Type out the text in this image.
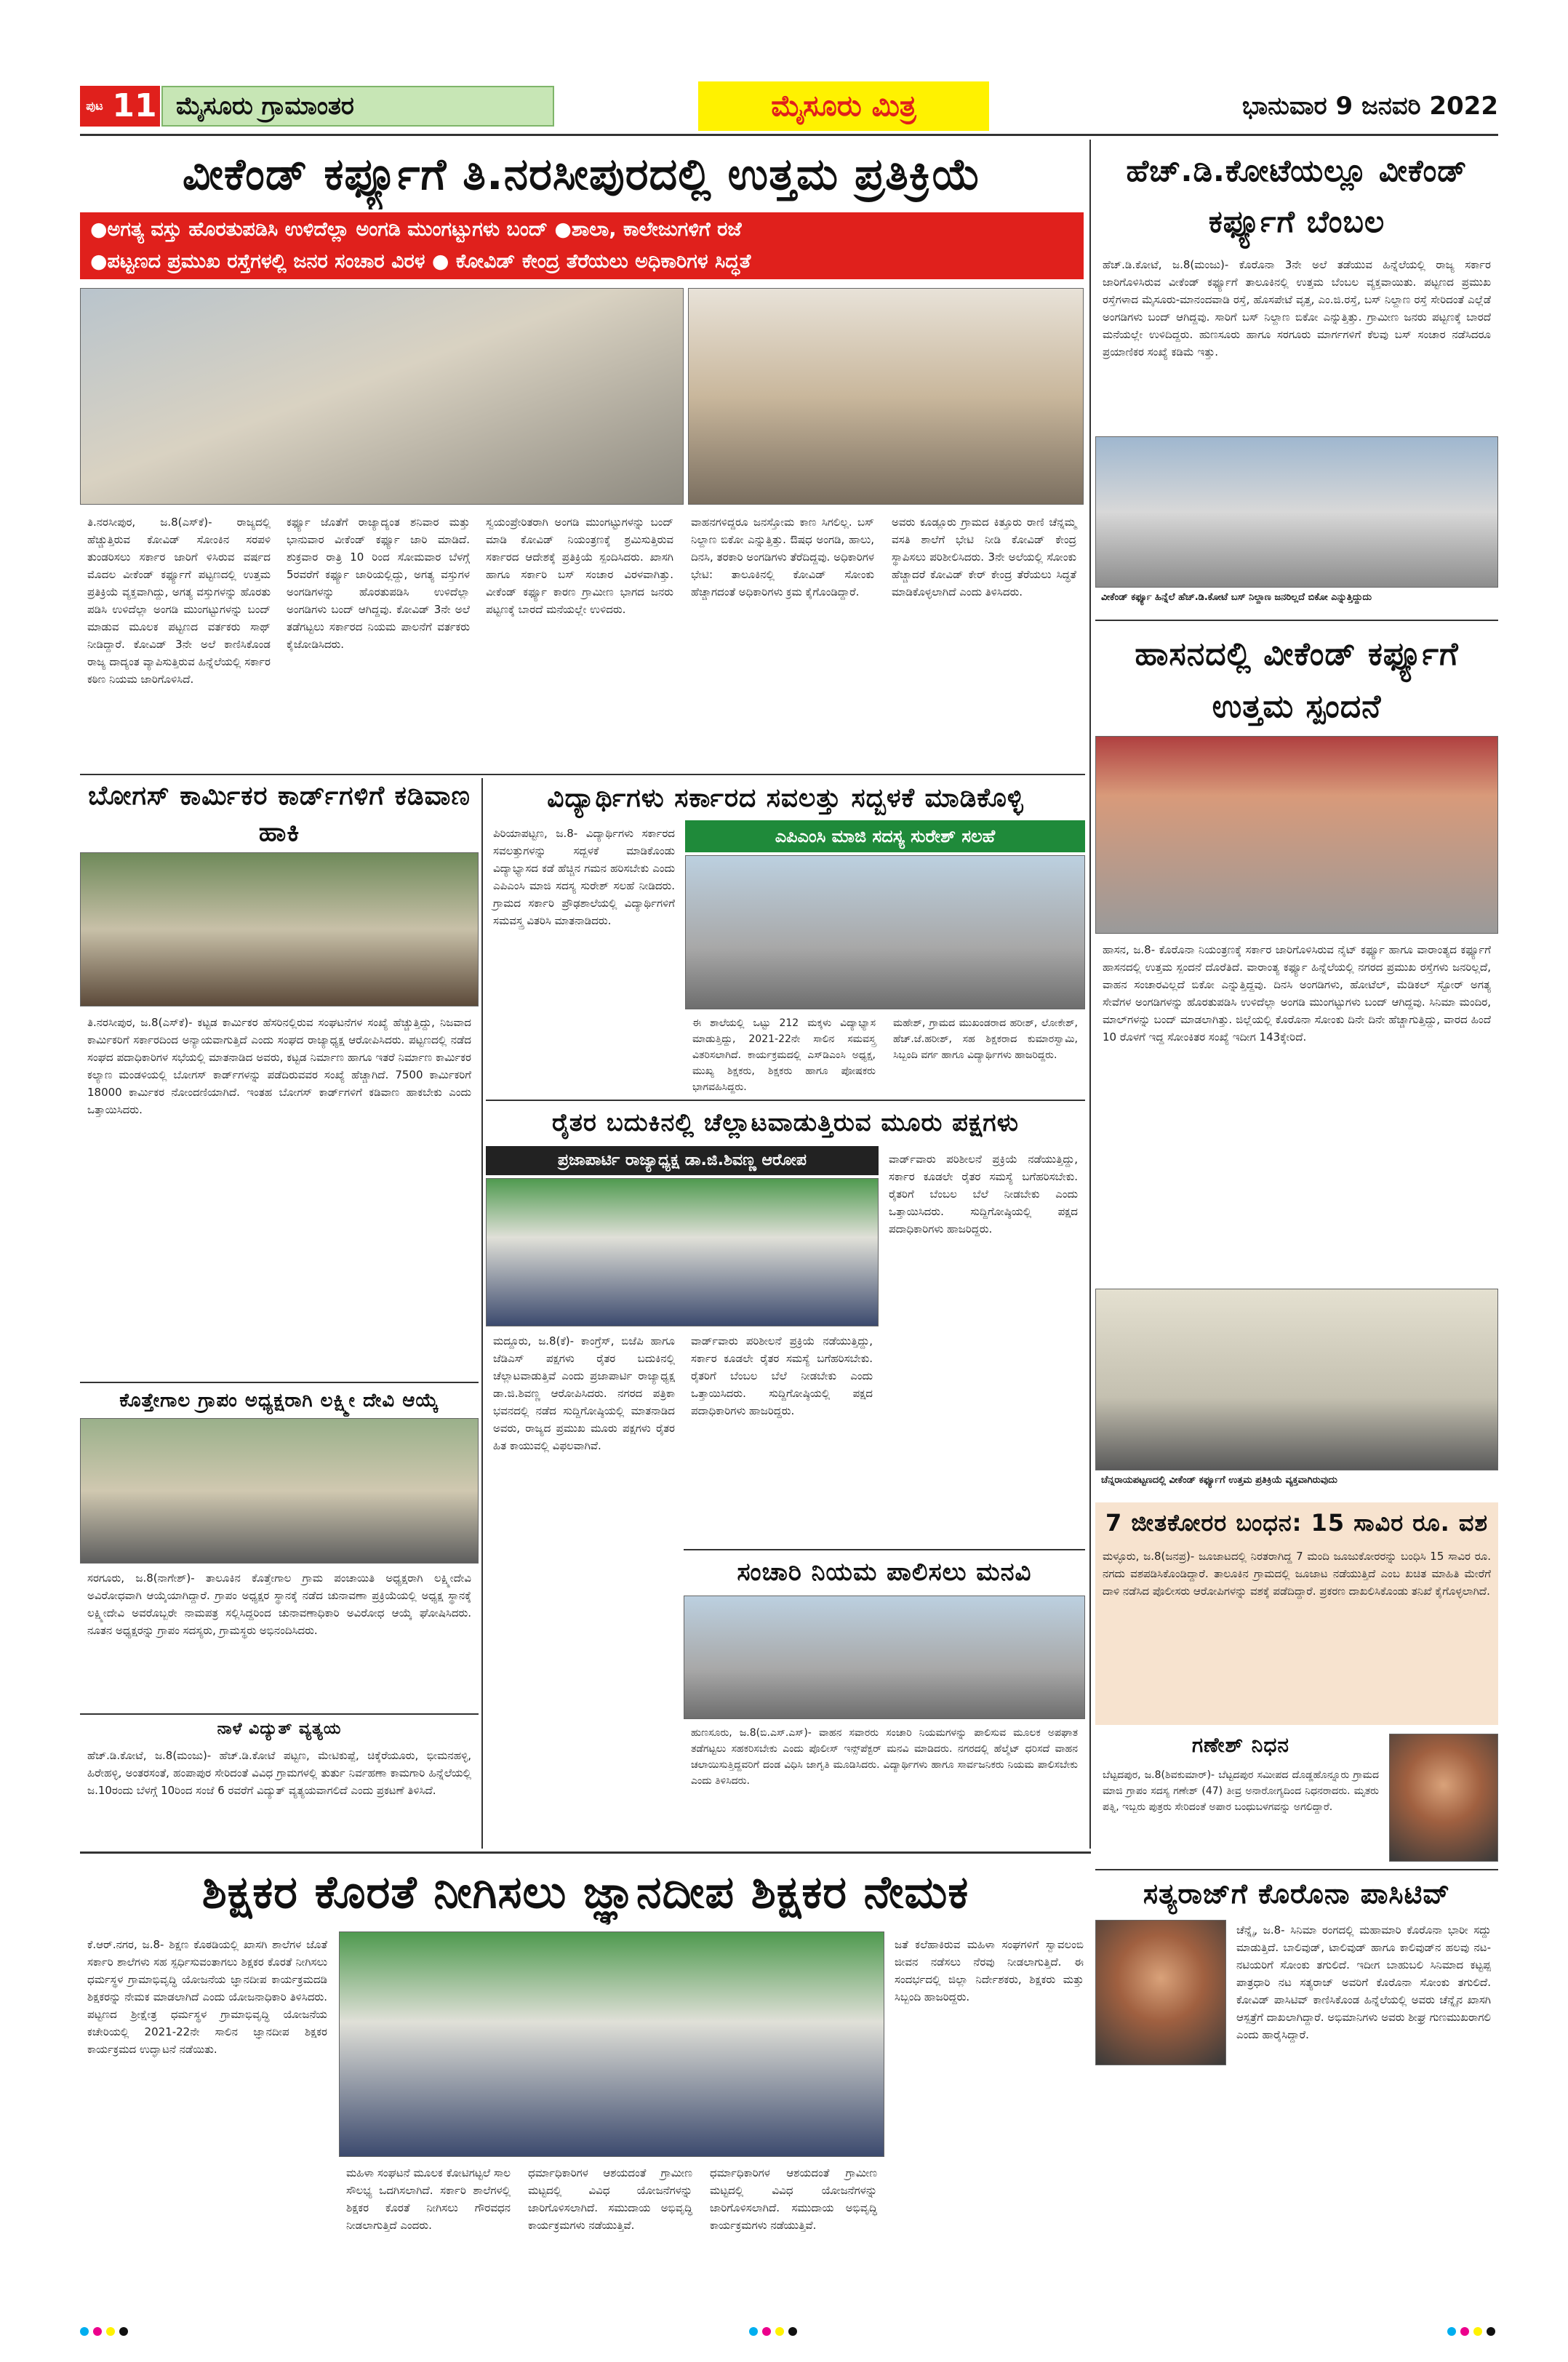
ಪುಟ 11 ಮೈಸೂರು ಗ್ರಾಮಾಂತರ	ಮೈಸೂರು ಮಿತ್ರ	ಭಾನುವಾರ 9 ಜನವರಿ 2022
ವೀಕೆಂಡ್ ಕರ್ಫ್ಯೂಗೆ ತಿ.ನರಸೀಪುರದಲ್ಲಿ ಉತ್ತಮ ಪ್ರತಿಕ್ರಿಯೆ
●ಅಗತ್ಯ ವಸ್ತು ಹೊರತುಪಡಿಸಿ ಉಳಿದೆಲ್ಲಾ ಅಂಗಡಿ ಮುಂಗಟ್ಟುಗಳು ಬಂದ್ ●ಶಾಲಾ, ಕಾಲೇಜುಗಳಿಗೆ ರಜೆ
●ಪಟ್ಟಣದ ಪ್ರಮುಖ ರಸ್ತೆಗಳಲ್ಲಿ ಜನರ ಸಂಚಾರ ವಿರಳ ● ಕೋವಿಡ್ ಕೇಂದ್ರ ತೆರೆಯಲು ಅಧಿಕಾರಿಗಳ ಸಿದ್ಧತೆ
ತಿ.ನರಸೀಪುರ, ಜ.8(ಎಸ್‌ಕೆ)- ರಾಜ್ಯದಲ್ಲಿ ಹೆಚ್ಚುತ್ತಿರುವ ಕೋವಿಡ್ ಸೋಂಕಿನ ಸರಪಳಿ ತುಂಡರಿಸಲು ಸರ್ಕಾರ ಜಾರಿಗೆ ಳಿಸಿರುವ ವರ್ಷದ ಮೊದಲ ವೀಕೆಂಡ್ ಕರ್ಫ್ಯೂಗೆ ಪಟ್ಟಣದಲ್ಲಿ ಉತ್ತಮ ಪ್ರತಿಕ್ರಿಯೆ ವ್ಯಕ್ತವಾಗಿದ್ದು, ಅಗತ್ಯ ವಸ್ತುಗಳನ್ನು ಹೊರತು ಪಡಿಸಿ ಉಳಿದೆಲ್ಲಾ ಅಂಗಡಿ ಮುಂಗಟ್ಟುಗಳನ್ನು ಬಂದ್ ಮಾಡುವ ಮೂಲಕ ಪಟ್ಟಣದ ವರ್ತಕರು ಸಾಥ್ ನೀಡಿದ್ದಾರೆ. ಕೋವಿಡ್ 3ನೇ ಅಲೆ ಕಾಣಿಸಿಕೊಂಡ ರಾಜ್ಯ ದಾದ್ಯಂತ ವ್ಯಾಪಿಸುತ್ತಿರುವ ಹಿನ್ನೆಲೆಯಲ್ಲಿ ಸರ್ಕಾರ ಕಠಿಣ ನಿಯಮ ಜಾರಿಗೊಳಿಸಿದೆ.
ಕರ್ಫ್ಯೂ ಜೊತೆಗೆ ರಾಜ್ಯಾದ್ಯಂತ ಶನಿವಾರ ಮತ್ತು ಭಾನುವಾರ ವೀಕೆಂಡ್ ಕರ್ಫ್ಯೂ ಜಾರಿ ಮಾಡಿದೆ. ಶುಕ್ರವಾರ ರಾತ್ರಿ 10 ರಿಂದ ಸೋಮವಾರ ಬೆಳಗ್ಗೆ 5ರವರೆಗೆ ಕರ್ಫ್ಯೂ ಜಾರಿಯಲ್ಲಿದ್ದು, ಅಗತ್ಯ ವಸ್ತುಗಳ ಅಂಗಡಿಗಳನ್ನು ಹೊರತುಪಡಿಸಿ ಉಳಿದೆಲ್ಲಾ ಅಂಗಡಿಗಳು ಬಂದ್ ಆಗಿದ್ದವು. ಕೋವಿಡ್ 3ನೇ ಅಲೆ ತಡೆಗಟ್ಟಲು ಸರ್ಕಾರದ ನಿಯಮ ಪಾಲನೆಗೆ ವರ್ತಕರು ಕೈಜೋಡಿಸಿದರು.
ಸ್ವಯಂಪ್ರೇರಿತರಾಗಿ ಅಂಗಡಿ ಮುಂಗಟ್ಟುಗಳನ್ನು ಬಂದ್ ಮಾಡಿ ಕೋವಿಡ್ ನಿಯಂತ್ರಣಕ್ಕೆ ಶ್ರಮಿಸುತ್ತಿರುವ ಸರ್ಕಾರದ ಆದೇಶಕ್ಕೆ ಪ್ರತಿಕ್ರಿಯೆ ಸ್ಪಂದಿಸಿದರು. ಖಾಸಗಿ ಹಾಗೂ ಸರ್ಕಾರಿ ಬಸ್ ಸಂಚಾರ ವಿರಳವಾಗಿತ್ತು. ವೀಕೆಂಡ್ ಕರ್ಫ್ಯೂ ಕಾರಣ ಗ್ರಾಮೀಣ ಭಾಗದ ಜನರು ಪಟ್ಟಣಕ್ಕೆ ಬಾರದೆ ಮನೆಯಲ್ಲೇ ಉಳಿದರು.
ವಾಹನಗಳಿದ್ದರೂ ಜನಸ್ತೋಮ ಕಾಣ ಸಿಗಲಿಲ್ಲ. ಬಸ್ ನಿಲ್ದಾಣ ಬಿಕೋ ಎನ್ನುತ್ತಿತ್ತು. ಔಷಧ ಅಂಗಡಿ, ಹಾಲು, ದಿನಸಿ, ತರಕಾರಿ ಅಂಗಡಿಗಳು ತೆರೆದಿದ್ದವು. ಅಧಿಕಾರಿಗಳ ಭೇಟಿ: ತಾಲೂಕಿನಲ್ಲಿ ಕೋವಿಡ್ ಸೋಂಕು ಹೆಚ್ಚಾಗದಂತೆ ಅಧಿಕಾರಿಗಳು ಕ್ರಮ ಕೈಗೊಂಡಿದ್ದಾರೆ.
ಅವರು ಕೂಡ್ಲೂರು ಗ್ರಾಮದ ಕಿತ್ತೂರು ರಾಣಿ ಚೆನ್ನಮ್ಮ ವಸತಿ ಶಾಲೆಗೆ ಭೇಟಿ ನೀಡಿ ಕೋವಿಡ್ ಕೇಂದ್ರ ಸ್ಥಾಪಿಸಲು ಪರಿಶೀಲಿಸಿದರು. 3ನೇ ಅಲೆಯಲ್ಲಿ ಸೋಂಕು ಹೆಚ್ಚಾದರೆ ಕೋವಿಡ್ ಕೇರ್ ಕೇಂದ್ರ ತೆರೆಯಲು ಸಿದ್ಧತೆ ಮಾಡಿಕೊಳ್ಳಲಾಗಿದೆ ಎಂದು ತಿಳಿಸಿದರು.
ಹೆಚ್.ಡಿ.ಕೋಟೆಯಲ್ಲೂ ವೀಕೆಂಡ್ ಕರ್ಫ್ಯೂಗೆ ಬೆಂಬಲ
ಹೆಚ್.ಡಿ.ಕೋಟೆ, ಜ.8(ಮಂಜು)- ಕೊರೊನಾ 3ನೇ ಅಲೆ ತಡೆಯುವ ಹಿನ್ನೆಲೆಯಲ್ಲಿ ರಾಜ್ಯ ಸರ್ಕಾರ ಜಾರಿಗೊಳಿಸಿರುವ ವೀಕೆಂಡ್ ಕರ್ಫ್ಯೂಗೆ ತಾಲೂಕಿನಲ್ಲಿ ಉತ್ತಮ ಬೆಂಬಲ ವ್ಯಕ್ತವಾಯಿತು. ಪಟ್ಟಣದ ಪ್ರಮುಖ ರಸ್ತೆಗಳಾದ ಮೈಸೂರು-ಮಾನಂದವಾಡಿ ರಸ್ತೆ, ಹೊಸಪೇಟೆ ವೃತ್ತ, ಎಂ.ಜಿ.ರಸ್ತೆ, ಬಸ್ ನಿಲ್ದಾಣ ರಸ್ತೆ ಸೇರಿದಂತೆ ಎಲ್ಲೆಡೆ ಅಂಗಡಿಗಳು ಬಂದ್ ಆಗಿದ್ದವು. ಸಾರಿಗೆ ಬಸ್ ನಿಲ್ದಾಣ ಬಿಕೋ ಎನ್ನುತ್ತಿತ್ತು. ಗ್ರಾಮೀಣ ಜನರು ಪಟ್ಟಣಕ್ಕೆ ಬಾರದೆ ಮನೆಯಲ್ಲೇ ಉಳಿದಿದ್ದರು. ಹುಣಸೂರು ಹಾಗೂ ಸರಗೂರು ಮಾರ್ಗಗಳಿಗೆ ಕೆಲವು ಬಸ್ ಸಂಚಾರ ನಡೆಸಿದರೂ ಪ್ರಯಾಣಿಕರ ಸಂಖ್ಯೆ ಕಡಿಮೆ ಇತ್ತು.
ವೀಕೆಂಡ್ ಕರ್ಫ್ಯೂ ಹಿನ್ನೆಲೆ ಹೆಚ್.ಡಿ.ಕೋಟೆ ಬಸ್ ನಿಲ್ದಾಣ ಜನರಿಲ್ಲದೆ ಬಿಕೋ ಎನ್ನುತ್ತಿದ್ದುದು
ಹಾಸನದಲ್ಲಿ ವೀಕೆಂಡ್ ಕರ್ಫ್ಯೂಗೆ ಉತ್ತಮ ಸ್ಪಂದನೆ
ಹಾಸನ, ಜ.8- ಕೊರೊನಾ ನಿಯಂತ್ರಣಕ್ಕೆ ಸರ್ಕಾರ ಜಾರಿಗೊಳಿಸಿರುವ ನೈಟ್ ಕರ್ಫ್ಯೂ ಹಾಗೂ ವಾರಾಂತ್ಯದ ಕರ್ಫ್ಯೂಗೆ ಹಾಸನದಲ್ಲಿ ಉತ್ತಮ ಸ್ಪಂದನೆ ದೊರೆತಿದೆ. ವಾರಾಂತ್ಯ ಕರ್ಫ್ಯೂ ಹಿನ್ನೆಲೆಯಲ್ಲಿ ನಗರದ ಪ್ರಮುಖ ರಸ್ತೆಗಳು ಜನರಿಲ್ಲದೆ, ವಾಹನ ಸಂಚಾರವಿಲ್ಲದೆ ಬಿಕೋ ಎನ್ನುತ್ತಿದ್ದವು. ದಿನಸಿ ಅಂಗಡಿಗಳು, ಹೋಟೆಲ್, ಮೆಡಿಕಲ್ ಸ್ಟೋರ್ ಅಗತ್ಯ ಸೇವೆಗಳ ಅಂಗಡಿಗಳನ್ನು ಹೊರತುಪಡಿಸಿ ಉಳಿದೆಲ್ಲಾ ಅಂಗಡಿ ಮುಂಗಟ್ಟುಗಳು ಬಂದ್ ಆಗಿದ್ದವು. ಸಿನಿಮಾ ಮಂದಿರ, ಮಾಲ್‌ಗಳನ್ನು ಬಂದ್ ಮಾಡಲಾಗಿತ್ತು. ಜಿಲ್ಲೆಯಲ್ಲಿ ಕೊರೊನಾ ಸೋಂಕು ದಿನೇ ದಿನೇ ಹೆಚ್ಚಾಗುತ್ತಿದ್ದು, ವಾರದ ಹಿಂದೆ 10 ರೊಳಗೆ ಇದ್ದ ಸೋಂಕಿತರ ಸಂಖ್ಯೆ ಇದೀಗ 143ಕ್ಕೇರಿದೆ.
ಚೆನ್ನರಾಯಪಟ್ಟಣದಲ್ಲಿ ವೀಕೆಂಡ್ ಕರ್ಫ್ಯೂಗೆ ಉತ್ತಮ ಪ್ರತಿಕ್ರಿಯೆ ವ್ಯಕ್ತವಾಗಿರುವುದು
7 ಜೀತಕೋರರ ಬಂಧನ: 15 ಸಾವಿರ ರೂ. ವಶ
ಮಳ್ಳೂರು, ಜ.8(ಜನಪ್ರ)- ಜೂಜಾಟದಲ್ಲಿ ನಿರತರಾಗಿದ್ದ 7 ಮಂದಿ ಜೂಜುಕೋರರನ್ನು ಬಂಧಿಸಿ 15 ಸಾವಿರ ರೂ. ನಗದು ವಶಪಡಿಸಿಕೊಂಡಿದ್ದಾರೆ. ತಾಲೂಕಿನ ಗ್ರಾಮದಲ್ಲಿ ಜೂಜಾಟ ನಡೆಯುತ್ತಿದೆ ಎಂಬ ಖಚಿತ ಮಾಹಿತಿ ಮೇರೆಗೆ ದಾಳಿ ನಡೆಸಿದ ಪೊಲೀಸರು ಆರೋಪಿಗಳನ್ನು ವಶಕ್ಕೆ ಪಡೆದಿದ್ದಾರೆ. ಪ್ರಕರಣ ದಾಖಲಿಸಿಕೊಂಡು ತನಿಖೆ ಕೈಗೊಳ್ಳಲಾಗಿದೆ.
ಗಣೇಶ್ ನಿಧನ
ಬೆಟ್ಟದಪುರ, ಜ.8(ಶಿವಕುಮಾರ್)- ಬೆಟ್ಟದಪುರ ಸಮೀಪದ ದೊಡ್ಡಹೊನ್ನೂರು ಗ್ರಾಮದ ಮಾಜಿ ಗ್ರಾಪಂ ಸದಸ್ಯ ಗಣೇಶ್ (47) ತೀವ್ರ ಅನಾರೋಗ್ಯದಿಂದ ನಿಧನರಾದರು. ಮೃತರು ಪತ್ನಿ, ಇಬ್ಬರು ಪುತ್ರರು ಸೇರಿದಂತೆ ಅಪಾರ ಬಂಧುಬಳಗವನ್ನು ಅಗಲಿದ್ದಾರೆ.
ಸತ್ಯರಾಜ್‌ಗೆ ಕೊರೊನಾ ಪಾಸಿಟಿವ್
ಚೆನ್ನೈ, ಜ.8- ಸಿನಿಮಾ ರಂಗದಲ್ಲಿ ಮಹಾಮಾರಿ ಕೊರೊನಾ ಭಾರೀ ಸದ್ದು ಮಾಡುತ್ತಿದೆ. ಬಾಲಿವುಡ್, ಟಾಲಿವುಡ್ ಹಾಗೂ ಕಾಲಿವುಡ್‌ನ ಹಲವು ನಟ-ನಟಿಯರಿಗೆ ಸೋಂಕು ತಗುಲಿದೆ. ಇದೀಗ ಬಾಹುಬಲಿ ಸಿನಿಮಾದ ಕಟ್ಟಪ್ಪ ಪಾತ್ರಧಾರಿ ನಟ ಸತ್ಯರಾಜ್ ಅವರಿಗೆ ಕೊರೊನಾ ಸೋಂಕು ತಗುಲಿದೆ. ಕೋವಿಡ್ ಪಾಸಿಟಿವ್ ಕಾಣಿಸಿಕೊಂಡ ಹಿನ್ನೆಲೆಯಲ್ಲಿ ಅವರು ಚೆನ್ನೈನ ಖಾಸಗಿ ಆಸ್ಪತ್ರೆಗೆ ದಾಖಲಾಗಿದ್ದಾರೆ. ಅಭಿಮಾನಿಗಳು ಅವರು ಶೀಘ್ರ ಗುಣಮುಖರಾಗಲಿ ಎಂದು ಹಾರೈಸಿದ್ದಾರೆ.
ಬೋಗಸ್ ಕಾರ್ಮಿಕರ ಕಾರ್ಡ್‌ಗಳಿಗೆ ಕಡಿವಾಣ ಹಾಕಿ
ತಿ.ನರಸೀಪುರ, ಜ.8(ಎಸ್‌ಕೆ)- ಕಟ್ಟಡ ಕಾರ್ಮಿಕರ ಹೆಸರಿನಲ್ಲಿರುವ ಸಂಘಟನೆಗಳ ಸಂಖ್ಯೆ ಹೆಚ್ಚುತ್ತಿದ್ದು, ನಿಜವಾದ ಕಾರ್ಮಿಕರಿಗೆ ಸರ್ಕಾರದಿಂದ ಅನ್ಯಾಯವಾಗುತ್ತಿದೆ ಎಂದು ಸಂಘದ ರಾಜ್ಯಾಧ್ಯಕ್ಷ ಆರೋಪಿಸಿದರು. ಪಟ್ಟಣದಲ್ಲಿ ನಡೆದ ಸಂಘದ ಪದಾಧಿಕಾರಿಗಳ ಸಭೆಯಲ್ಲಿ ಮಾತನಾಡಿದ ಅವರು, ಕಟ್ಟಡ ನಿರ್ಮಾಣ ಹಾಗೂ ಇತರೆ ನಿರ್ಮಾಣ ಕಾರ್ಮಿಕರ ಕಲ್ಯಾಣ ಮಂಡಳಿಯಲ್ಲಿ ಬೋಗಸ್ ಕಾರ್ಡ್‌ಗಳನ್ನು ಪಡೆದಿರುವವರ ಸಂಖ್ಯೆ ಹೆಚ್ಚಾಗಿದೆ. 7500 ಕಾರ್ಮಿಕರಿಗೆ 18000 ಕಾರ್ಮಿಕರ ನೋಂದಣಿಯಾಗಿದೆ. ಇಂತಹ ಬೋಗಸ್ ಕಾರ್ಡ್‌ಗಳಿಗೆ ಕಡಿವಾಣ ಹಾಕಬೇಕು ಎಂದು ಒತ್ತಾಯಿಸಿದರು.
ಕೊತ್ತೇಗಾಲ ಗ್ರಾಪಂ ಅಧ್ಯಕ್ಷರಾಗಿ ಲಕ್ಷ್ಮೀ ದೇವಿ ಆಯ್ಕೆ
ಸರಗೂರು, ಜ.8(ನಾಗೇಶ್)- ತಾಲೂಕಿನ ಕೊತ್ತೇಗಾಲ ಗ್ರಾಮ ಪಂಚಾಯಿತಿ ಅಧ್ಯಕ್ಷರಾಗಿ ಲಕ್ಷ್ಮೀದೇವಿ ಅವಿರೋಧವಾಗಿ ಆಯ್ಕೆಯಾಗಿದ್ದಾರೆ. ಗ್ರಾಪಂ ಅಧ್ಯಕ್ಷರ ಸ್ಥಾನಕ್ಕೆ ನಡೆದ ಚುನಾವಣಾ ಪ್ರಕ್ರಿಯೆಯಲ್ಲಿ ಅಧ್ಯಕ್ಷ ಸ್ಥಾನಕ್ಕೆ ಲಕ್ಷ್ಮೀದೇವಿ ಅವರೊಬ್ಬರೇ ನಾಮಪತ್ರ ಸಲ್ಲಿಸಿದ್ದರಿಂದ ಚುನಾವಣಾಧಿಕಾರಿ ಅವಿರೋಧ ಆಯ್ಕೆ ಘೋಷಿಸಿದರು. ನೂತನ ಅಧ್ಯಕ್ಷರನ್ನು ಗ್ರಾಪಂ ಸದಸ್ಯರು, ಗ್ರಾಮಸ್ಥರು ಅಭಿನಂದಿಸಿದರು.
ನಾಳೆ ವಿದ್ಯುತ್ ವ್ಯತ್ಯಯ
ಹೆಚ್.ಡಿ.ಕೋಟೆ, ಜ.8(ಮಂಜು)- ಹೆಚ್.ಡಿ.ಕೋಟೆ ಪಟ್ಟಣ, ಮೇಟಿಕುಪ್ಪೆ, ಚಿಕ್ಕೆರೆಯೂರು, ಭೀಮನಹಳ್ಳಿ, ಹಿರೇಹಳ್ಳಿ, ಅಂತರಸಂತೆ, ಹಂಪಾಪುರ ಸೇರಿದಂತೆ ವಿವಿಧ ಗ್ರಾಮಗಳಲ್ಲಿ ತುರ್ತು ನಿರ್ವಹಣಾ ಕಾಮಗಾರಿ ಹಿನ್ನೆಲೆಯಲ್ಲಿ ಜ.10ರಂದು ಬೆಳಗ್ಗೆ 10ರಿಂದ ಸಂಜೆ 6 ರವರೆಗೆ ವಿದ್ಯುತ್ ವ್ಯತ್ಯಯವಾಗಲಿದೆ ಎಂದು ಪ್ರಕಟಣೆ ತಿಳಿಸಿದೆ.
ವಿದ್ಯಾರ್ಥಿಗಳು ಸರ್ಕಾರದ ಸವಲತ್ತು ಸದ್ಬಳಕೆ ಮಾಡಿಕೊಳ್ಳಿ
ಪಿರಿಯಾಪಟ್ಟಣ, ಜ.8- ವಿದ್ಯಾರ್ಥಿಗಳು ಸರ್ಕಾರದ ಸವಲತ್ತುಗಳನ್ನು ಸದ್ಬಳಕೆ ಮಾಡಿಕೊಂಡು ವಿದ್ಯಾಭ್ಯಾಸದ ಕಡೆ ಹೆಚ್ಚಿನ ಗಮನ ಹರಿಸಬೇಕು ಎಂದು ಎಪಿಎಂಸಿ ಮಾಜಿ ಸದಸ್ಯ ಸುರೇಶ್ ಸಲಹೆ ನೀಡಿದರು. ಗ್ರಾಮದ ಸರ್ಕಾರಿ ಪ್ರೌಢಶಾಲೆಯಲ್ಲಿ ವಿದ್ಯಾರ್ಥಿಗಳಿಗೆ ಸಮವಸ್ತ್ರ ವಿತರಿಸಿ ಮಾತನಾಡಿದರು.
ಎಪಿಎಂಸಿ ಮಾಜಿ ಸದಸ್ಯ ಸುರೇಶ್ ಸಲಹೆ
ಈ ಶಾಲೆಯಲ್ಲಿ ಒಟ್ಟು 212 ಮಕ್ಕಳು ವಿದ್ಯಾಭ್ಯಾಸ ಮಾಡುತ್ತಿದ್ದು, 2021-22ನೇ ಸಾಲಿನ ಸಮವಸ್ತ್ರ ವಿತರಿಸಲಾಗಿದೆ. ಕಾರ್ಯಕ್ರಮದಲ್ಲಿ ಎಸ್‌ಡಿಎಂಸಿ ಅಧ್ಯಕ್ಷ, ಮುಖ್ಯ ಶಿಕ್ಷಕರು, ಶಿಕ್ಷಕರು ಹಾಗೂ ಪೋಷಕರು ಭಾಗವಹಿಸಿದ್ದರು.
ಮಹೇಶ್, ಗ್ರಾಮದ ಮುಖಂಡರಾದ ಹರೀಶ್, ಲೋಕೇಶ್, ಹೆಚ್.ಜೆ.ಹರೀಶ್, ಸಹ ಶಿಕ್ಷಕರಾದ ಕುಮಾರಸ್ವಾಮಿ, ಸಿಬ್ಬಂದಿ ವರ್ಗ ಹಾಗೂ ವಿದ್ಯಾರ್ಥಿಗಳು ಹಾಜರಿದ್ದರು.
ರೈತರ ಬದುಕಿನಲ್ಲಿ ಚೆಲ್ಲಾಟವಾಡುತ್ತಿರುವ ಮೂರು ಪಕ್ಷಗಳು
ಪ್ರಜಾಪಾರ್ಟಿ ರಾಜ್ಯಾಧ್ಯಕ್ಷ ಡಾ.ಜಿ.ಶಿವಣ್ಣ ಆರೋಪ
ಮದ್ದೂರು, ಜ.8(ಕೆ)- ಕಾಂಗ್ರೆಸ್, ಬಿಜೆಪಿ ಹಾಗೂ ಜೆಡಿಎಸ್ ಪಕ್ಷಗಳು ರೈತರ ಬದುಕಿನಲ್ಲಿ ಚೆಲ್ಲಾಟವಾಡುತ್ತಿವೆ ಎಂದು ಪ್ರಜಾಪಾರ್ಟಿ ರಾಜ್ಯಾಧ್ಯಕ್ಷ ಡಾ.ಜಿ.ಶಿವಣ್ಣ ಆರೋಪಿಸಿದರು. ನಗರದ ಪತ್ರಿಕಾ ಭವನದಲ್ಲಿ ನಡೆದ ಸುದ್ದಿಗೋಷ್ಠಿಯಲ್ಲಿ ಮಾತನಾಡಿದ ಅವರು, ರಾಜ್ಯದ ಪ್ರಮುಖ ಮೂರು ಪಕ್ಷಗಳು ರೈತರ ಹಿತ ಕಾಯುವಲ್ಲಿ ವಿಫಲವಾಗಿವೆ.
ವಾರ್ಡ್‌ವಾರು ಪರಿಶೀಲನೆ ಪ್ರಕ್ರಿಯೆ ನಡೆಯುತ್ತಿದ್ದು, ಸರ್ಕಾರ ಕೂಡಲೇ ರೈತರ ಸಮಸ್ಯೆ ಬಗೆಹರಿಸಬೇಕು. ರೈತರಿಗೆ ಬೆಂಬಲ ಬೆಲೆ ನೀಡಬೇಕು ಎಂದು ಒತ್ತಾಯಿಸಿದರು. ಸುದ್ದಿಗೋಷ್ಠಿಯಲ್ಲಿ ಪಕ್ಷದ ಪದಾಧಿಕಾರಿಗಳು ಹಾಜರಿದ್ದರು.
ವಾರ್ಡ್‌ವಾರು ಪರಿಶೀಲನೆ ಪ್ರಕ್ರಿಯೆ ನಡೆಯುತ್ತಿದ್ದು, ಸರ್ಕಾರ ಕೂಡಲೇ ರೈತರ ಸಮಸ್ಯೆ ಬಗೆಹರಿಸಬೇಕು. ರೈತರಿಗೆ ಬೆಂಬಲ ಬೆಲೆ ನೀಡಬೇಕು ಎಂದು ಒತ್ತಾಯಿಸಿದರು. ಸುದ್ದಿಗೋಷ್ಠಿಯಲ್ಲಿ ಪಕ್ಷದ ಪದಾಧಿಕಾರಿಗಳು ಹಾಜರಿದ್ದರು.
ಸಂಚಾರಿ ನಿಯಮ ಪಾಲಿಸಲು ಮನವಿ
ಹುಣಸೂರು, ಜ.8(ಬಿ.ಎಸ್.ಎಸ್)- ವಾಹನ ಸವಾರರು ಸಂಚಾರಿ ನಿಯಮಗಳನ್ನು ಪಾಲಿಸುವ ಮೂಲಕ ಅಪಘಾತ ತಡೆಗಟ್ಟಲು ಸಹಕರಿಸಬೇಕು ಎಂದು ಪೊಲೀಸ್ ಇನ್ಸ್‌ಪೆಕ್ಟರ್ ಮನವಿ ಮಾಡಿದರು. ನಗರದಲ್ಲಿ ಹೆಲ್ಮೆಟ್ ಧರಿಸದೆ ವಾಹನ ಚಲಾಯಿಸುತ್ತಿದ್ದವರಿಗೆ ದಂಡ ವಿಧಿಸಿ ಜಾಗೃತಿ ಮೂಡಿಸಿದರು. ವಿದ್ಯಾರ್ಥಿಗಳು ಹಾಗೂ ಸಾರ್ವಜನಿಕರು ನಿಯಮ ಪಾಲಿಸಬೇಕು ಎಂದು ತಿಳಿಸಿದರು.
ಶಿಕ್ಷಕರ ಕೊರತೆ ನೀಗಿಸಲು ಜ್ಞಾನದೀಪ ಶಿಕ್ಷಕರ ನೇಮಕ
ಕೆ.ಆರ್.ನಗರ, ಜ.8- ಶಿಕ್ಷಣ ಕೊಠಡಿಯಲ್ಲಿ ಖಾಸಗಿ ಶಾಲೆಗಳ ಜೊತೆ ಸರ್ಕಾರಿ ಶಾಲೆಗಳು ಸಹ ಸ್ಪರ್ಧಿಸುವಂತಾಗಲು ಶಿಕ್ಷಕರ ಕೊರತೆ ನೀಗಿಸಲು ಧರ್ಮಸ್ಥಳ ಗ್ರಾಮಾಭಿವೃದ್ಧಿ ಯೋಜನೆಯ ಜ್ಞಾನದೀಪ ಕಾರ್ಯಕ್ರಮದಡಿ ಶಿಕ್ಷಕರನ್ನು ನೇಮಕ ಮಾಡಲಾಗಿದೆ ಎಂದು ಯೋಜನಾಧಿಕಾರಿ ತಿಳಿಸಿದರು. ಪಟ್ಟಣದ ಶ್ರೀಕ್ಷೇತ್ರ ಧರ್ಮಸ್ಥಳ ಗ್ರಾಮಾಭಿವೃದ್ಧಿ ಯೋಜನೆಯ ಕಚೇರಿಯಲ್ಲಿ 2021-22ನೇ ಸಾಲಿನ ಜ್ಞಾನದೀಪ ಶಿಕ್ಷಕರ ಕಾರ್ಯಕ್ರಮದ ಉದ್ಘಾಟನೆ ನಡೆಯಿತು.
ಮಹಿಳಾ ಸಂಘಟನೆ ಮೂಲಕ ಕೋಟಿಗಟ್ಟಲೆ ಸಾಲ ಸೌಲಭ್ಯ ಒದಗಿಸಲಾಗಿದೆ. ಸರ್ಕಾರಿ ಶಾಲೆಗಳಲ್ಲಿ ಶಿಕ್ಷಕರ ಕೊರತೆ ನೀಗಿಸಲು ಗೌರವಧನ ನೀಡಲಾಗುತ್ತಿದೆ ಎಂದರು.
ಧರ್ಮಾಧಿಕಾರಿಗಳ ಆಶಯದಂತೆ ಗ್ರಾಮೀಣ ಮಟ್ಟದಲ್ಲಿ ವಿವಿಧ ಯೋಜನೆಗಳನ್ನು ಜಾರಿಗೊಳಿಸಲಾಗಿದೆ. ಸಮುದಾಯ ಅಭಿವೃದ್ಧಿ ಕಾರ್ಯಕ್ರಮಗಳು ನಡೆಯುತ್ತಿವೆ.
ಜತೆ ಕಲೆಹಾಕಿರುವ ಮಹಿಳಾ ಸಂಘಗಳಿಗೆ ಸ್ವಾವಲಂಬಿ ಜೀವನ ನಡೆಸಲು ನೆರವು ನೀಡಲಾಗುತ್ತಿದೆ. ಈ ಸಂದರ್ಭದಲ್ಲಿ ಜಿಲ್ಲಾ ನಿರ್ದೇಶಕರು, ಶಿಕ್ಷಕರು ಮತ್ತು ಸಿಬ್ಬಂದಿ ಹಾಜರಿದ್ದರು.
ಧರ್ಮಾಧಿಕಾರಿಗಳ ಆಶಯದಂತೆ ಗ್ರಾಮೀಣ ಮಟ್ಟದಲ್ಲಿ ವಿವಿಧ ಯೋಜನೆಗಳನ್ನು ಜಾರಿಗೊಳಿಸಲಾಗಿದೆ. ಸಮುದಾಯ ಅಭಿವೃದ್ಧಿ ಕಾರ್ಯಕ್ರಮಗಳು ನಡೆಯುತ್ತಿವೆ.
